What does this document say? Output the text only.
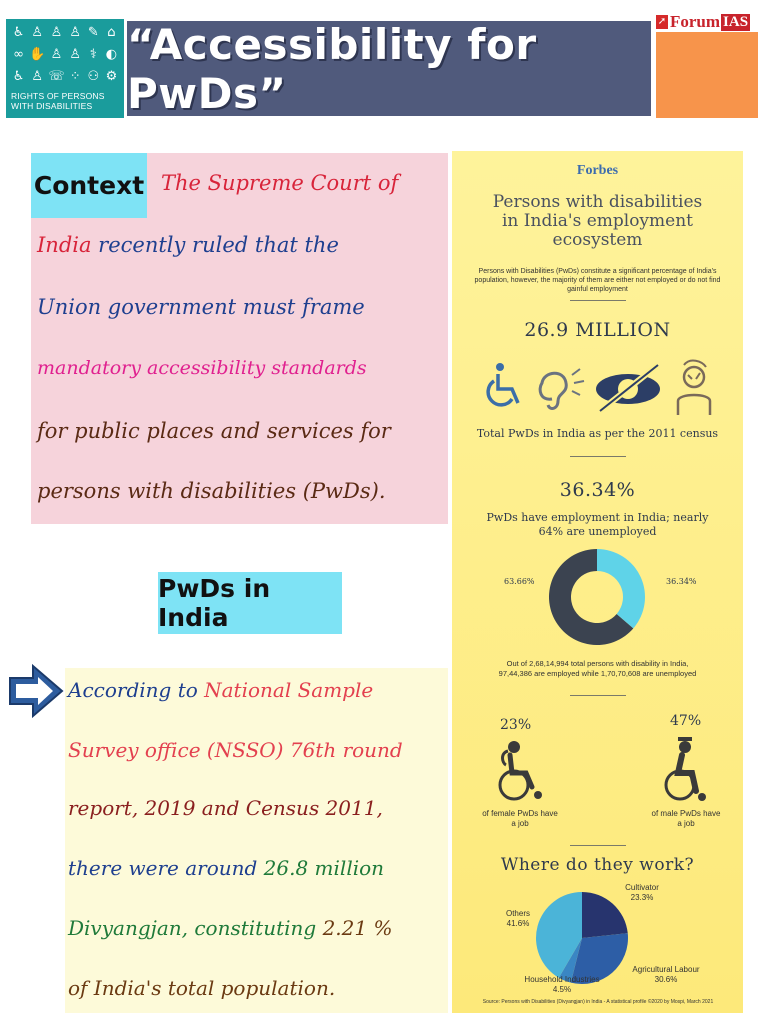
♿ ♙ ♙ ♙ ✎ ⌂
∞ ✋ ♙ ♙ ⚕ ◐
♿ ♙ ☏ ⁘ ⚇ ⚙
RIGHTS OF PERSONS
WITH DISABILITIES
“Accessibility for PwDs”
➚ Forum IAS
Context The Supreme Court of
India recently ruled that the
Union government must frame
mandatory accessibility standards
for public places and services for
persons with disabilities (PwDs).
PwDs in India
According to National Sample
Survey office (NSSO) 76th round
report, 2019 and Census 2011,
there were around 26.8 million
Divyangjan, constituting 2.21 %
of India's total population.
Forbes
Persons with disabilities
in India's employment
ecosystem
Persons with Disabilities (PwDs) constitute a significant percentage of India's
population, however, the majority of them are either not employed or do not find
gainful employment
26.9 MILLION
Total PwDs in India as per the 2011 census
36.34%
PwDs have employment in India; nearly
64% are unemployed
63.66%	36.34%
Out of 2,68,14,994 total persons with disability in India,
97,44,386 are employed while 1,70,70,608 are unemployed
23%	47%
of female PwDs have
a job
of male PwDs have
a job
Where do they work?
Cultivator
23.3%
Others
41.6%
Household Industries
4.5%
Agricultural Labour
30.6%
Source: Persons with Disabilities (Divyangjan) in India - A statistical profile ©2020 by Mospi, March 2021
